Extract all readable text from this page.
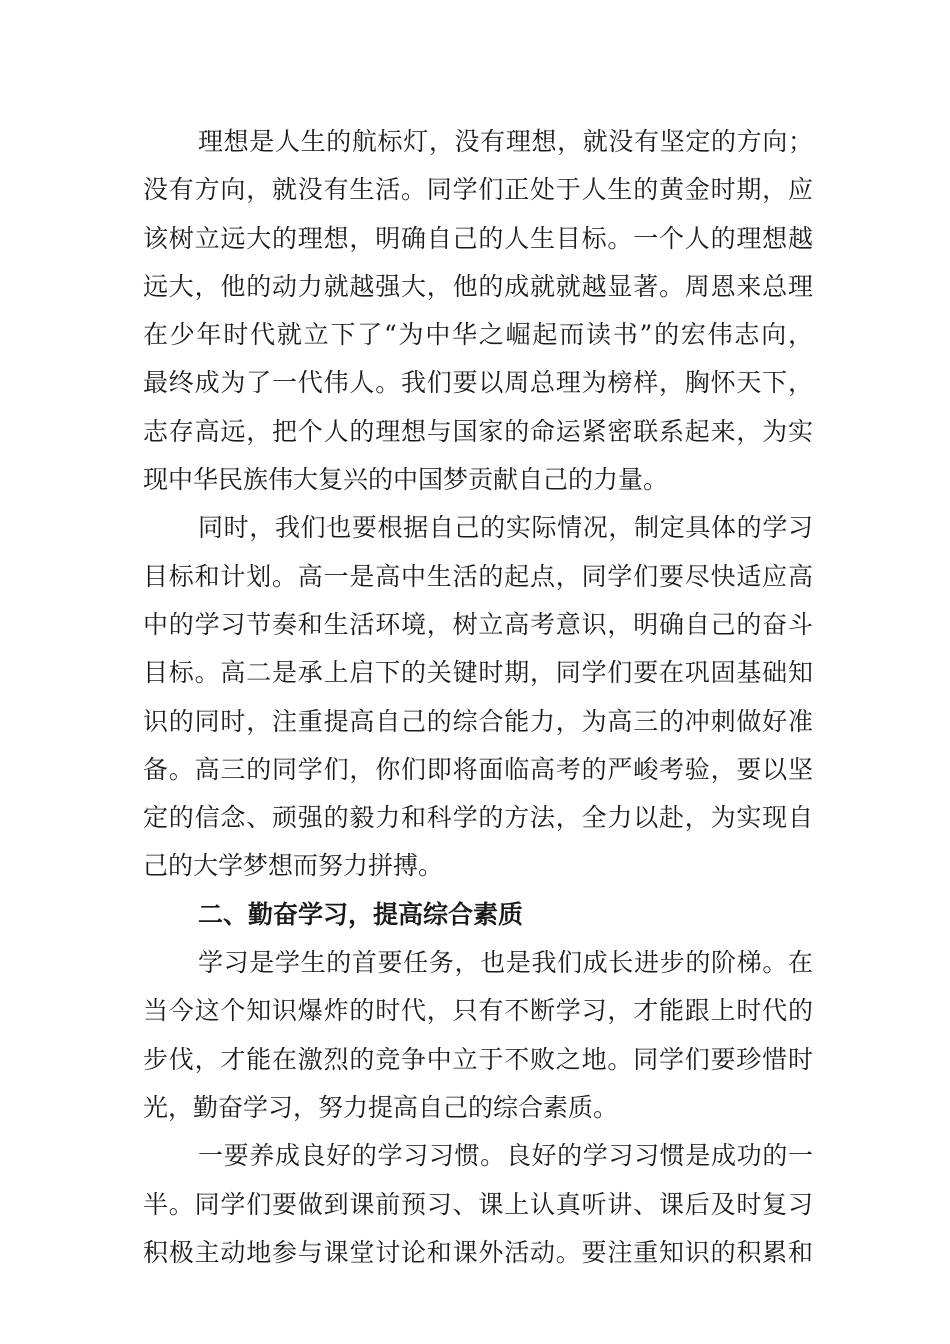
理想是人生的航标灯，没有理想，就没有坚定的方向；
没有方向，就没有生活。同学们正处于人生的黄金时期，应
该树立远大的理想，明确自己的人生目标。一个人的理想越
远大，他的动力就越强大，他的成就就越显著。周恩来总理
在少年时代就立下了“为中华之崛起而读书”的宏伟志向，
最终成为了一代伟人。我们要以周总理为榜样，胸怀天下，
志存高远，把个人的理想与国家的命运紧密联系起来，为实
现中华民族伟大复兴的中国梦贡献自己的力量。
同时，我们也要根据自己的实际情况，制定具体的学习
目标和计划。高一是高中生活的起点，同学们要尽快适应高
中的学习节奏和生活环境，树立高考意识，明确自己的奋斗
目标。高二是承上启下的关键时期，同学们要在巩固基础知
识的同时，注重提高自己的综合能力，为高三的冲刺做好准
备。高三的同学们，你们即将面临高考的严峻考验，要以坚
定的信念、顽强的毅力和科学的方法，全力以赴，为实现自
己的大学梦想而努力拼搏。
二、勤奋学习，提高综合素质
学习是学生的首要任务，也是我们成长进步的阶梯。在
当今这个知识爆炸的时代，只有不断学习，才能跟上时代的
步伐，才能在激烈的竞争中立于不败之地。同学们要珍惜时
光，勤奋学习，努力提高自己的综合素质。
一要养成良好的学习习惯。良好的学习习惯是成功的一
半。同学们要做到课前预习、课上认真听讲、课后及时复习
积极主动地参与课堂讨论和课外活动。要注重知识的积累和
